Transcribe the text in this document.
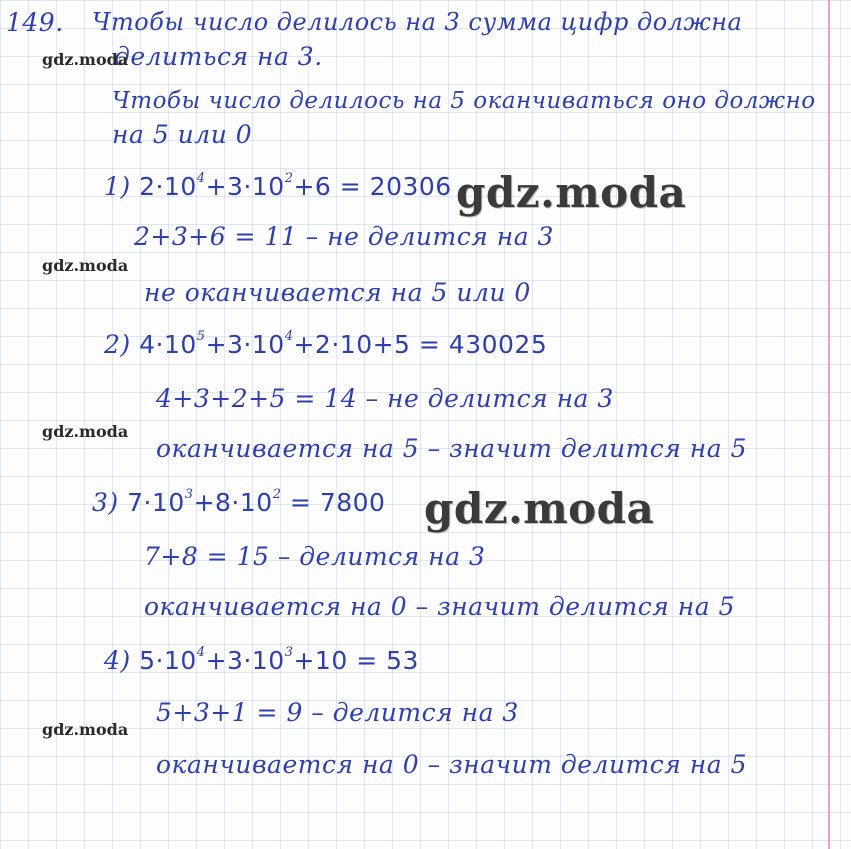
149. Чтобы число делилось на 3 сумма цифр должна
делиться на 3.
Чтобы число делилось на 5 оканчиваться оно должно
на 5 или 0
1) $2\cdot 10^4+3\cdot 10^2+6 = 20306$
2+3+6 = 11 – не делится на 3
не оканчивается на 5 или 0
2) $4\cdot 10^5+3\cdot 10^4+2\cdot 10+5 = 430025$
4+3+2+5 = 14 – не делится на 3
оканчивается на 5 – значит делится на 5
3) $7\cdot 10^3+8\cdot 10^2 = 7800$
7+8 = 15 – делится на 3
оканчивается на 0 – значит делится на 5
4) $5\cdot 10^4+3\cdot 10^3+10 = 53$
5+3+1 = 9 – делится на 3
оканчивается на 0 – значит делится на 5
gdz.moda
gdz.moda
gdz.moda
gdz.moda
gdz.moda
gdz.moda
